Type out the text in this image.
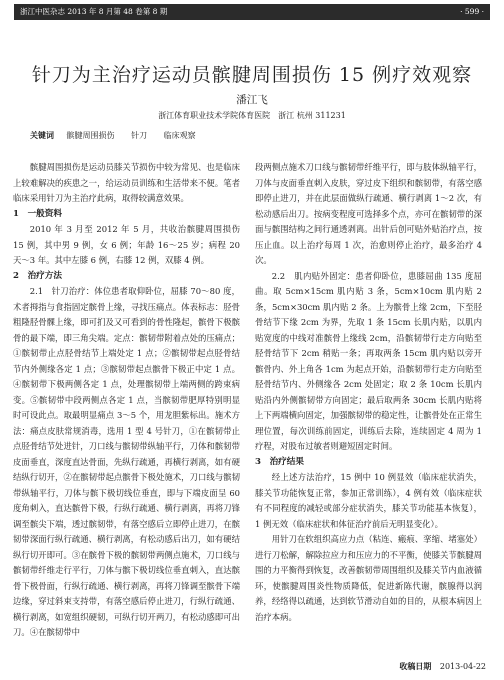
浙江中医杂志 2013 年 8 月第 48 卷第 8 期	· 599 ·
针刀为主治疗运动员髌腱周围损伤 15 例疗效观察
潘江飞
浙江体育职业技术学院体育医院　浙江 杭州 311231
关键词 髌腱周围损伤 针刀 临床观察

髌腱周围损伤是运动员膝关节损伤中较为常见、也是临床上较难解决的疾患之一，给运动员训练和生活带来不便。笔者临床采用针刀为主治疗此病，取得较满意效果。

1　一般资料

2010 年 3 月至 2012 年 5 月，共收治髌腱周围损伤 15 例，其中男 9 例，女 6 例；年龄 16～25 岁；病程 20 天～3 年。其中左膝 6 例，右膝 12 例，双膝 4 例。

2　治疗方法

2.1　针刀治疗：体位患者取仰卧位，屈膝 70～80 度，术者拇指与食指固定髌骨上缘，寻找压痛点。体表标志：胫骨粗隆胫骨髁上缘，即可扪及又可看到的骨性隆起，髌骨下极髌骨的最下端，即三角尖端。定点：髌韧带附着点处的压痛点；①髌韧带止点胫骨结节上端处定 1 点；②髌韧带起点胫骨结节内外侧缘各定 1 点；③髌韧带起点髌骨下极正中定 1 点。④髌韧带下极两侧各定 1 点，处理髌韧带上端两侧的跨束病变。⑤髌韧带中段两侧点各定 1 点，当髌韧带肥厚特别明显时可设此点。取最明显痛点 3～5 个，用龙胆紫标出。施术方法：痛点皮肤常规消毒，选用 1 型 4 号针刀，①在髌韧带止点胫骨结节处进针，刀口线与髌韧带纵轴平行，刀体和髌韧带皮面垂直，深度直达骨面，先纵行疏通，再横行剥离，如有硬结纵行切开，②在髌韧带起点髌骨下极处施术，刀口线与髌韧带纵轴平行，刀体与髌下极切线位垂直，即与下端皮面呈 60 度角刺入，直达髌骨下极，行纵行疏通、横行剥离，再将刀锋调至髌尖下端，透过髌韧带，有落空感后立即停止进刀，在髌韧带深面行纵行疏通、横行剥离，有松动感后出刀，如有硬结纵行切开即可。③在髌骨下极的髌韧带两侧点施术，刀口线与髌韧带纤维走行平行，刀体与髌下极切线位垂直刺入，直达髌骨下极骨面，行纵行疏通、横行剥离，再将刀锋调至髌骨下端边缘，穿过斜束支持带，有落空感后停止进刀，行纵行疏通、横行剥离，如宽组织硬韧，可纵行切开两刀，有松动感即可出刀。④在髌韧带中

段两侧点施术刀口线与髌韧带纤维平行，即与肢体纵轴平行，刀体与皮面垂直刺入皮肤，穿过皮下组织和髌韧带，有落空感即停止进刀，并在此层面做纵行疏通、横行剥离 1～2 次，有松动感后出刀。按病变程度可选择多个点，亦可在髌韧带的深面与髌围结构之间行通透剥离。出针后创可贴外贴治疗点，按压止血。以上治疗每周 1 次，治愈则停止治疗，最多治疗 4 次。

2.2　肌内贴外固定：患者仰卧位，患膝屈曲 135 度屈曲。取 5cm×15cm 肌内贴 3 条，5cm×10cm 肌内贴 2 条，5cm×30cm 肌内贴 2 条。上为髌骨上缘 2cm，下至胫骨结节下缘 2cm 为界，先取 1 条 15cm 长肌内贴，以肌内贴宽度的中线对准髌骨上缘线 2cm，沿髌韧带行走方向贴至胫骨结节下 2cm 稍贴一条；再取两条 15cm 肌内贴以旁开髌骨内、外上角各 1cm 为起点开始，沿髌韧带行走方向贴至胫骨结节内、外侧缘各 2cm 处固定；取 2 条 10cm 长肌内贴沿内外侧髌韧带方向固定；最后取两条 30cm 长肌内贴将上下两端横向固定，加强髌韧带的稳定性，让髌骨处在正常生理位置，每次训练前固定，训练后去除，连续固定 4 周为 1 疗程，对股布过敏者则避短固定时间。

3　治疗结果

经上述方法治疗，15 例中 10 例显效（临床症状消失，膝关节功能恢复正常，参加正常训练），4 例有效（临床症状有不同程度的减轻或部分症状消失，膝关节功能基本恢复），1 例无效（临床症状和体征治疗前后无明显变化）。

用针刀在软组织高应力点（粘连、瘢痕、挛缩、堵塞处）进行刀松解，解除拉应力和压应力的不平衡，使膝关节髌腱周围的力平衡得到恢复，改善髌韧带周围组织及膝关节内血液循环，使髌腱周围炎性物质降低，促进新陈代谢，髌腺得以润养，经络得以疏通，达到软节滑动自如的目的，从根本病因上治疗本病。

收稿日期 2013-04-22
